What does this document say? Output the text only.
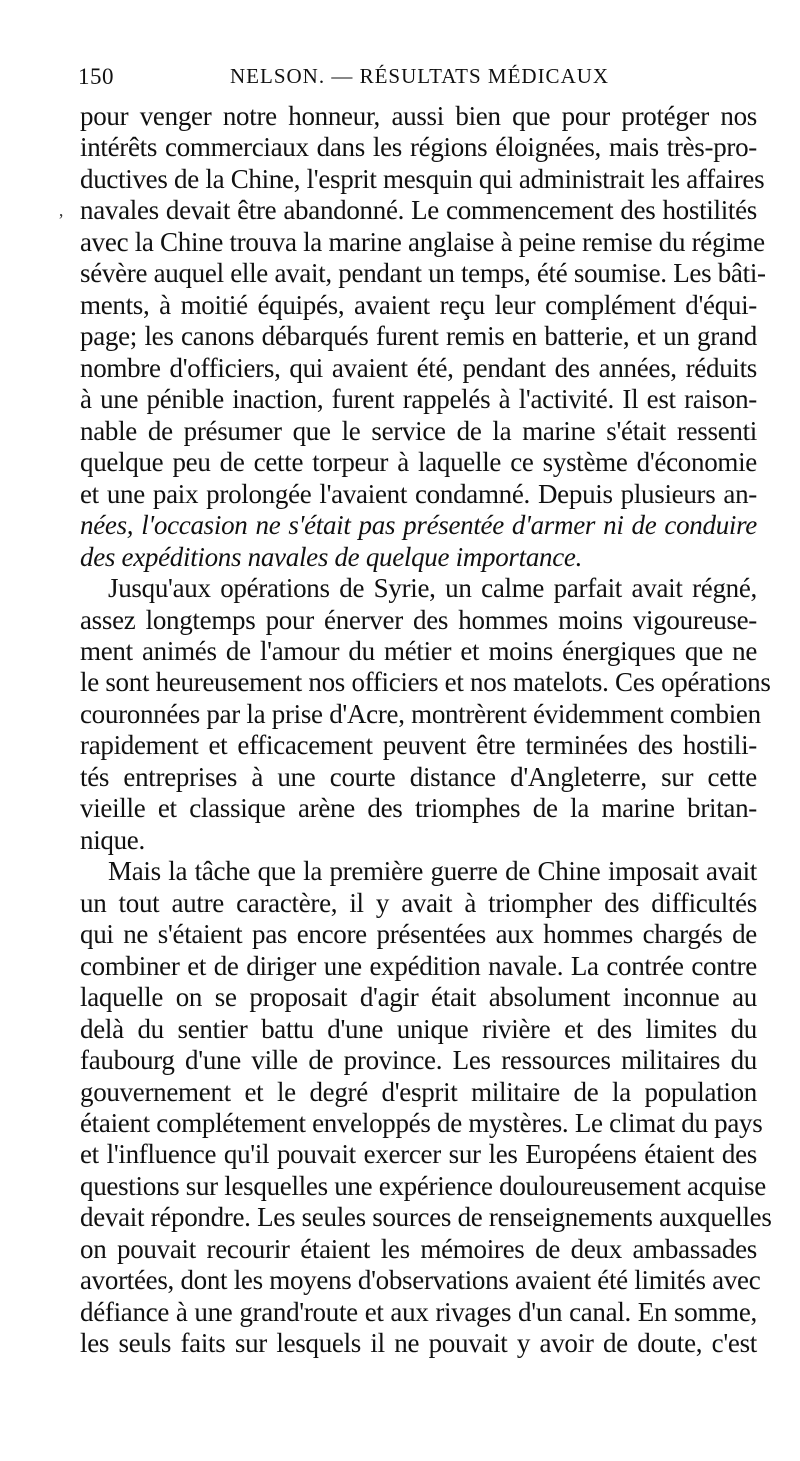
150	NELSON. — RÉSULTATS MÉDICAUX
ʼ
pour venger notre honneur, aussi bien que pour protéger nos
intérêts commerciaux dans les régions éloignées, mais très-pro-
ductives de la Chine, l'esprit mesquin qui administrait les affaires
navales devait être abandonné. Le commencement des hostilités
avec la Chine trouva la marine anglaise à peine remise du régime
sévère auquel elle avait, pendant un temps, été soumise. Les bâti-
ments, à moitié équipés, avaient reçu leur complément d'équi-
page; les canons débarqués furent remis en batterie, et un grand
nombre d'officiers, qui avaient été, pendant des années, réduits
à une pénible inaction, furent rappelés à l'activité. Il est raison-
nable de présumer que le service de la marine s'était ressenti
quelque peu de cette torpeur à laquelle ce système d'économie
et une paix prolongée l'avaient condamné. Depuis plusieurs an-
nées, l'occasion ne s'était pas présentée d'armer ni de conduire
des expéditions navales de quelque importance.
Jusqu'aux opérations de Syrie, un calme parfait avait régné,
assez longtemps pour énerver des hommes moins vigoureuse-
ment animés de l'amour du métier et moins énergiques que ne
le sont heureusement nos officiers et nos matelots. Ces opérations
couronnées par la prise d'Acre, montrèrent évidemment combien
rapidement et efficacement peuvent être terminées des hostili-
tés entreprises à une courte distance d'Angleterre, sur cette
vieille et classique arène des triomphes de la marine britan-
nique.
Mais la tâche que la première guerre de Chine imposait avait
un tout autre caractère, il y avait à triompher des difficultés
qui ne s'étaient pas encore présentées aux hommes chargés de
combiner et de diriger une expédition navale. La contrée contre
laquelle on se proposait d'agir était absolument inconnue au
delà du sentier battu d'une unique rivière et des limites du
faubourg d'une ville de province. Les ressources militaires du
gouvernement et le degré d'esprit militaire de la population
étaient complétement enveloppés de mystères. Le climat du pays
et l'influence qu'il pouvait exercer sur les Européens étaient des
questions sur lesquelles une expérience douloureusement acquise
devait répondre. Les seules sources de renseignements auxquelles
on pouvait recourir étaient les mémoires de deux ambassades
avortées, dont les moyens d'observations avaient été limités avec
défiance à une grand'route et aux rivages d'un canal. En somme,
les seuls faits sur lesquels il ne pouvait y avoir de doute, c'est
